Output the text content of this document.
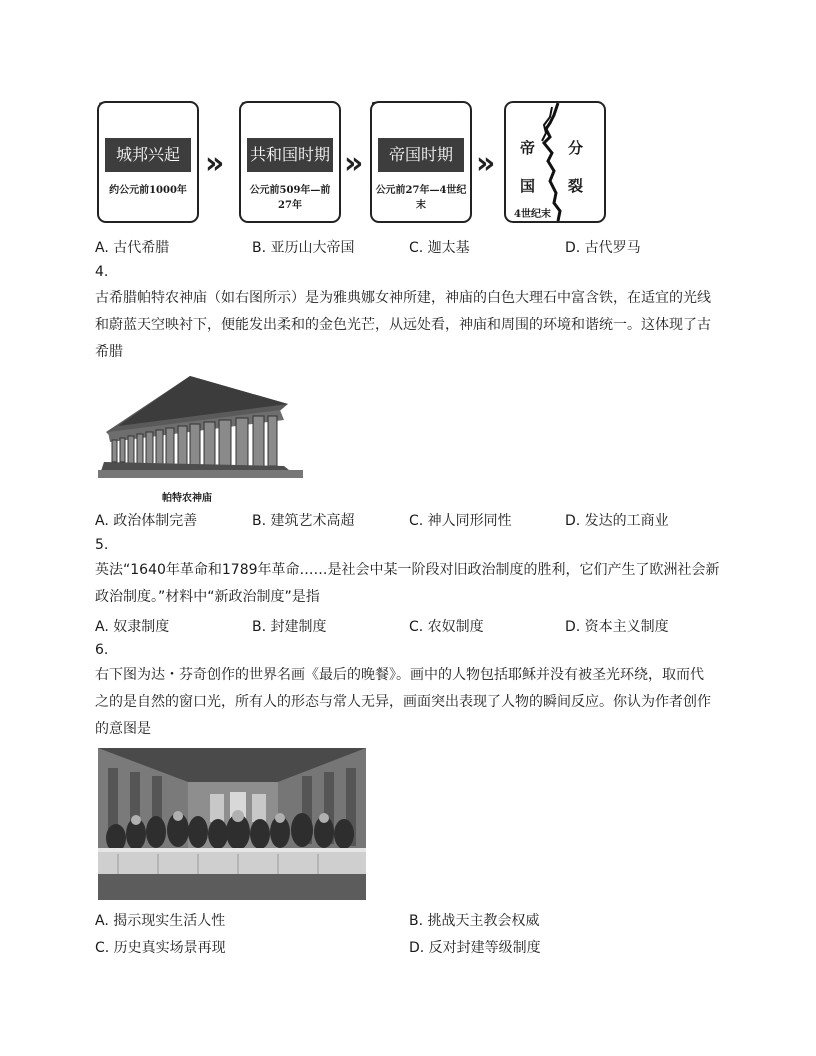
城邦兴起
约公元前1000年
» 共和国时期
公元前509年—前27年
»	帝国时期
公元前27年—4世纪末
» 帝
国
分
裂
4世纪末
A. 古代希腊	B. 亚历山大帝国	C. 迦太基	D. 古代罗马
4.
古希腊帕特农神庙（如右图所示）是为雅典娜女神所建，神庙的白色大理石中富含铁，在适宜的光线
和蔚蓝天空映衬下，便能发出柔和的金色光芒，从远处看，神庙和周围的环境和谐统一。这体现了古
希腊
帕特农神庙
A. 政治体制完善	B. 建筑艺术高超	C. 神人同形同性	D. 发达的工商业
5.
英法“1640年革命和1789年革命……是社会中某一阶段对旧政治制度的胜利，它们产生了欧洲社会新
政治制度。”材料中“新政治制度”是指
A. 奴隶制度	B. 封建制度	C. 农奴制度	D. 资本主义制度
6.
右下图为达・芬奇创作的世界名画《最后的晚餐》。画中的人物包括耶稣并没有被圣光环绕，取而代
之的是自然的窗口光，所有人的形态与常人无异，画面突出表现了人物的瞬间反应。你认为作者创作
的意图是
A. 揭示现实生活人性	B. 挑战天主教会权威
C. 历史真实场景再现	D. 反对封建等级制度
